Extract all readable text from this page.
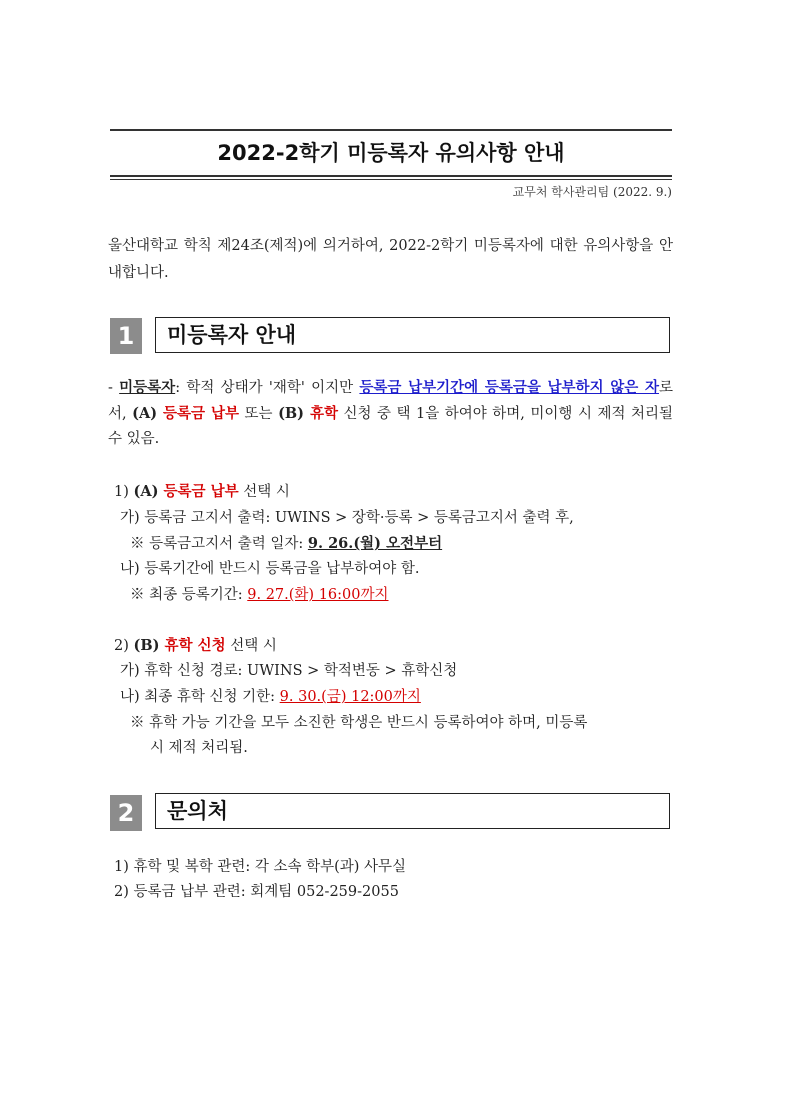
2022-2학기 미등록자 유의사항 안내
교무처 학사관리팀 (2022. 9.)
울산대학교 학칙 제24조(제적)에 의거하여, 2022-2학기 미등록자에 대한 유의사항을 안내합니다.
1	미등록자 안내
- 미등록자: 학적 상태가 '재학' 이지만 등록금 납부기간에 등록금을 납부하지 않은 자로서, (A) 등록금 납부 또는 (B) 휴학 신청 중 택 1을 하여야 하며, 미이행 시 제적 처리될 수 있음.
1) (A) 등록금 납부 선택 시
가) 등록금 고지서 출력: UWINS > 장학·등록 > 등록금고지서 출력 후,
※ 등록금고지서 출력 일자: 9. 26.(월) 오전부터
나) 등록기간에 반드시 등록금을 납부하여야 함.
※ 최종 등록기간: 9. 27.(화) 16:00까지
2) (B) 휴학 신청 선택 시
가) 휴학 신청 경로: UWINS > 학적변동 > 휴학신청
나) 최종 휴학 신청 기한: 9. 30.(금) 12:00까지
※ 휴학 가능 기간을 모두 소진한 학생은 반드시 등록하여야 하며, 미등록
시 제적 처리됨.
2	문의처
1) 휴학 및 복학 관련: 각 소속 학부(과) 사무실
2) 등록금 납부 관련: 회계팀 052-259-2055
